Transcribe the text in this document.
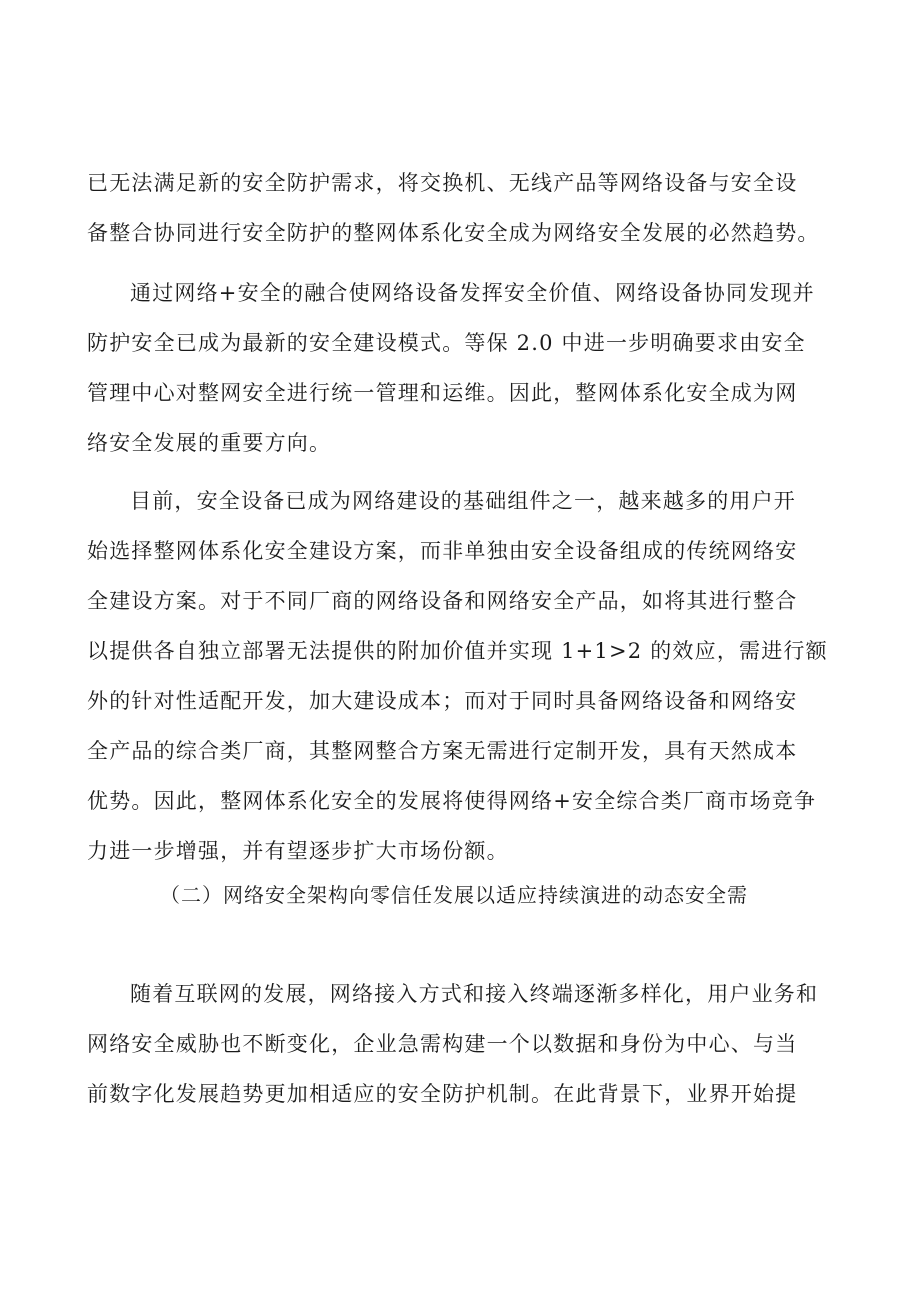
已无法满足新的安全防护需求，将交换机、无线产品等网络设备与安全设
备整合协同进行安全防护的整网体系化安全成为网络安全发展的必然趋势。
通过网络+安全的融合使网络设备发挥安全价值、网络设备协同发现并
防护安全已成为最新的安全建设模式。等保 2.0 中进一步明确要求由安全
管理中心对整网安全进行统一管理和运维。因此，整网体系化安全成为网
络安全发展的重要方向。
目前，安全设备已成为网络建设的基础组件之一，越来越多的用户开
始选择整网体系化安全建设方案，而非单独由安全设备组成的传统网络安
全建设方案。对于不同厂商的网络设备和网络安全产品，如将其进行整合
以提供各自独立部署无法提供的附加价值并实现 1+1>2 的效应，需进行额
外的针对性适配开发，加大建设成本；而对于同时具备网络设备和网络安
全产品的综合类厂商，其整网整合方案无需进行定制开发，具有天然成本
优势。因此，整网体系化安全的发展将使得网络+安全综合类厂商市场竞争
力进一步增强，并有望逐步扩大市场份额。
（二）网络安全架构向零信任发展以适应持续演进的动态安全需
随着互联网的发展，网络接入方式和接入终端逐渐多样化，用户业务和
网络安全威胁也不断变化，企业急需构建一个以数据和身份为中心、与当
前数字化发展趋势更加相适应的安全防护机制。在此背景下，业界开始提
